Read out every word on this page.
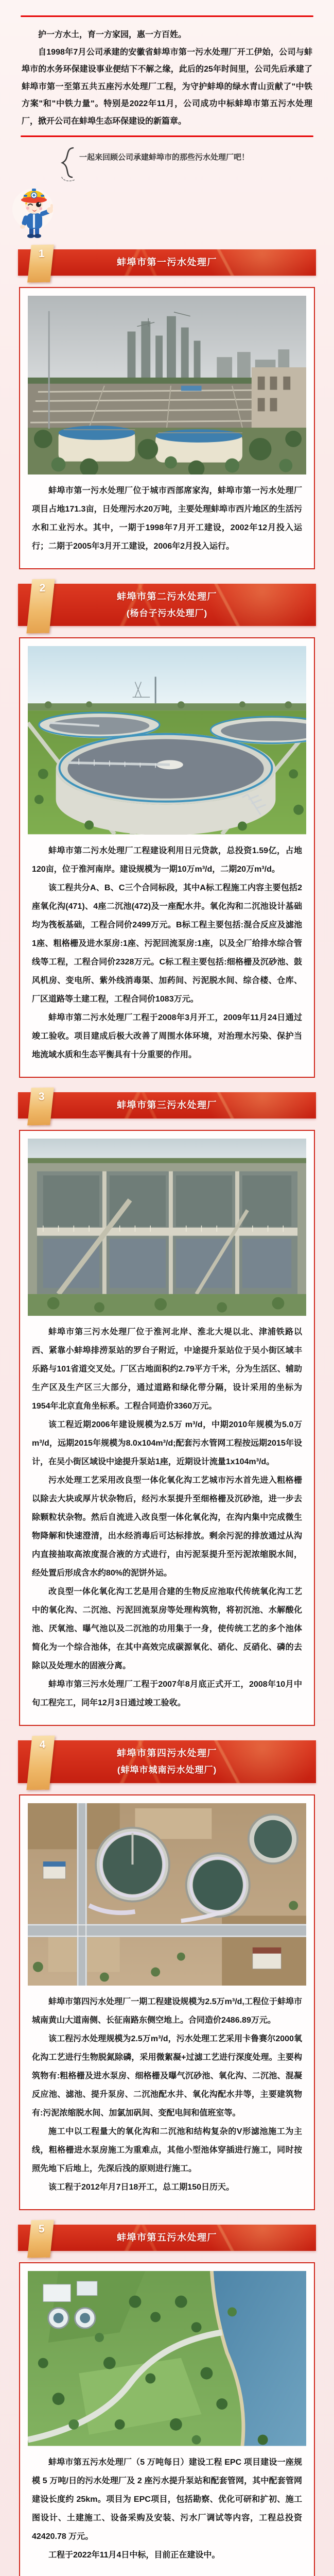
护一方水土，育一方家园，惠一方百姓。

自1998年7月公司承建的安徽省蚌埠市第一污水处理厂开工伊始，公司与蚌埠市的水务环保建设事业便结下不解之缘，此后的25年时间里，公司先后承建了蚌埠市第一至第五共五座污水处理厂工程，为守护蚌埠的绿水青山贡献了"中铁方案"和"中铁力量"。特别是2022年11月，公司成功中标蚌埠市第五污水处理厂，掀开公司在蚌埠生态环保建设的新篇章。

一起来回顾公司承建蚌埠市的那些污水处理厂吧！
1
蚌埠市第一污水处理厂

蚌埠市第一污水处理厂位于城市西部席家沟，蚌埠市第一污水处理厂项目占地171.3亩，日处理污水20万吨，主要处理蚌埠市西片地区的生活污水和工业污水。其中，一期于1998年7月开工建设，2002年12月投入运行；二期于2005年3月开工建设，2006年2月投入运行。

2
蚌埠市第二污水处理厂
(杨台子污水处理厂)

蚌埠市第二污水处理厂工程建设利用日元贷款，总投资1.59亿，占地120亩，位于淮河南岸。建设规模为一期10万m³/d，二期20万m³/d。

该工程共分A、B、C三个合同标段，其中A标工程施工内容主要包括2座氧化沟(471)、4座二沉池(472)及一座配水井。氧化沟和二沉池设计基础均为筏板基础，工程合同价2499万元。B标工程主要包括:混合反应及滤池1座、粗格栅及进水泵房:1座、污泥回流泵房:1座，以及全厂给排水综合管线等工程，工程合同价2328万元。C标工程主要包括:细格栅及沉砂池、鼓风机房、变电所、紫外线消毒渠、加药间、污泥脱水间、综合楼、仓库、厂区道路等土建工程，工程合同价1083万元。

蚌埠市第二污水处理厂工程于2008年3月开工，2009年11月24日通过竣工验收。项目建成后极大改善了周围水体环境，对治理水污染、保护当地流域水质和生态平衡具有十分重要的作用。

3
蚌埠市第三污水处理厂

蚌埠市第三污水处理厂位于淮河北岸、淮北大堤以北、津浦铁路以西、紧靠小蚌埠排涝泵站的罗台子附近，中途提升泵站位于吴小街区域丰乐路与101省道交叉处。厂区古地面积约2.79平方千米，分为生活区、辅助生产区及生产区三大部分，通过道路和绿化带分隔，设计采用的坐标为1954年北京直角坐标系。工程合同造价3360万元。

该工程近期2006年建设规模为2.5万 m³/d，中期2010年规模为5.0万m³/d，远期2015年规模为8.0x104m³/d;配套污水管网工程按远期2015年设计，在吴小街区域设中途提升泵站1座，近期设计流量1x104m³/d。

污水处理工艺采用改良型一体化氧化沟工艺城市污水首先进入粗格栅以除去大块或厚片状杂物后，经污水泵提升至细格栅及沉砂池，进一步去除颗粒状杂物。然后自流进入改良型一体化氧化沟，在沟内集中完成微生物降解和快速澄清，出水经消毒后可达标排放。剩余污泥的排放通过从沟内直接抽取高浓度混合液的方式进行，由污泥泵提升至污泥浓缩脱水间，经处置后形成含水约80%的泥饼外运。

改良型一体化氧化沟工艺是用合建的生物反应池取代传统氧化沟工艺中的氧化沟、二沉池、污泥回流泵房等处理构筑物，将初沉池、水解酸化池、厌氧池、曝气池以及二沉池的功用集于一身，使传统工艺的多个池体简化为一个综合池体，在其中高效完成碳源氧化、硝化、反硝化、磷的去除以及处理水的固液分离。

蚌埠市第三污水处理厂工程于2007年8月底正式开工，2008年10月中旬工程完工，同年12月3日通过竣工验收。

4
蚌埠市第四污水处理厂
(蚌埠市城南污水处理厂)

蚌埠市第四污水处理厂一期工程建设规模为2.5万m³/d,工程位于蚌埠市城南黄山大道南侧、长征南路东侧空地上。合同造价2486.89万元。

该工程污水处理规模为2.5万m³/d，污水处理工艺采用卡鲁赛尔2000氧化沟工艺进行生物脱氮除磷，采用微絮凝+过滤工艺进行深度处理。主要构筑物有:粗格栅及进水泵房、细格栅及曝气沉砂池、氧化沟、二沉池、混凝反应池、滤池、提升泵房、二沉池配水井、氧化沟配水井等，主要建筑物有:污泥浓缩脱水间、加氯加矾间、变配电间和值班室等。

施工中以工程量大的氧化沟和二沉池和结构复杂的V形滤池施工为主线，粗格栅进水泵房施工为重难点，其他小型池体穿插进行施工，同时按照先地下后地上，先深后浅的原则进行施工。

该工程于2012年月7日18开工，总工期150日历天。

5
蚌埠市第五污水处理厂

蚌埠市第五污水处理厂（5 万吨每日）建设工程 EPC 项目建设一座规模 5 万吨/日的污水处理厂及 2 座污水提升泵站和配套管网，其中配套管网建设长度约 25km。项目为 EPC项目，包括勘察、优化可研和扩初、施工图设计、土建施工、设备采购及安装、污水厂调试等内容，工程总投资 42420.78 万元。

工程于2022年11月4日中标，目前正在建设中。
